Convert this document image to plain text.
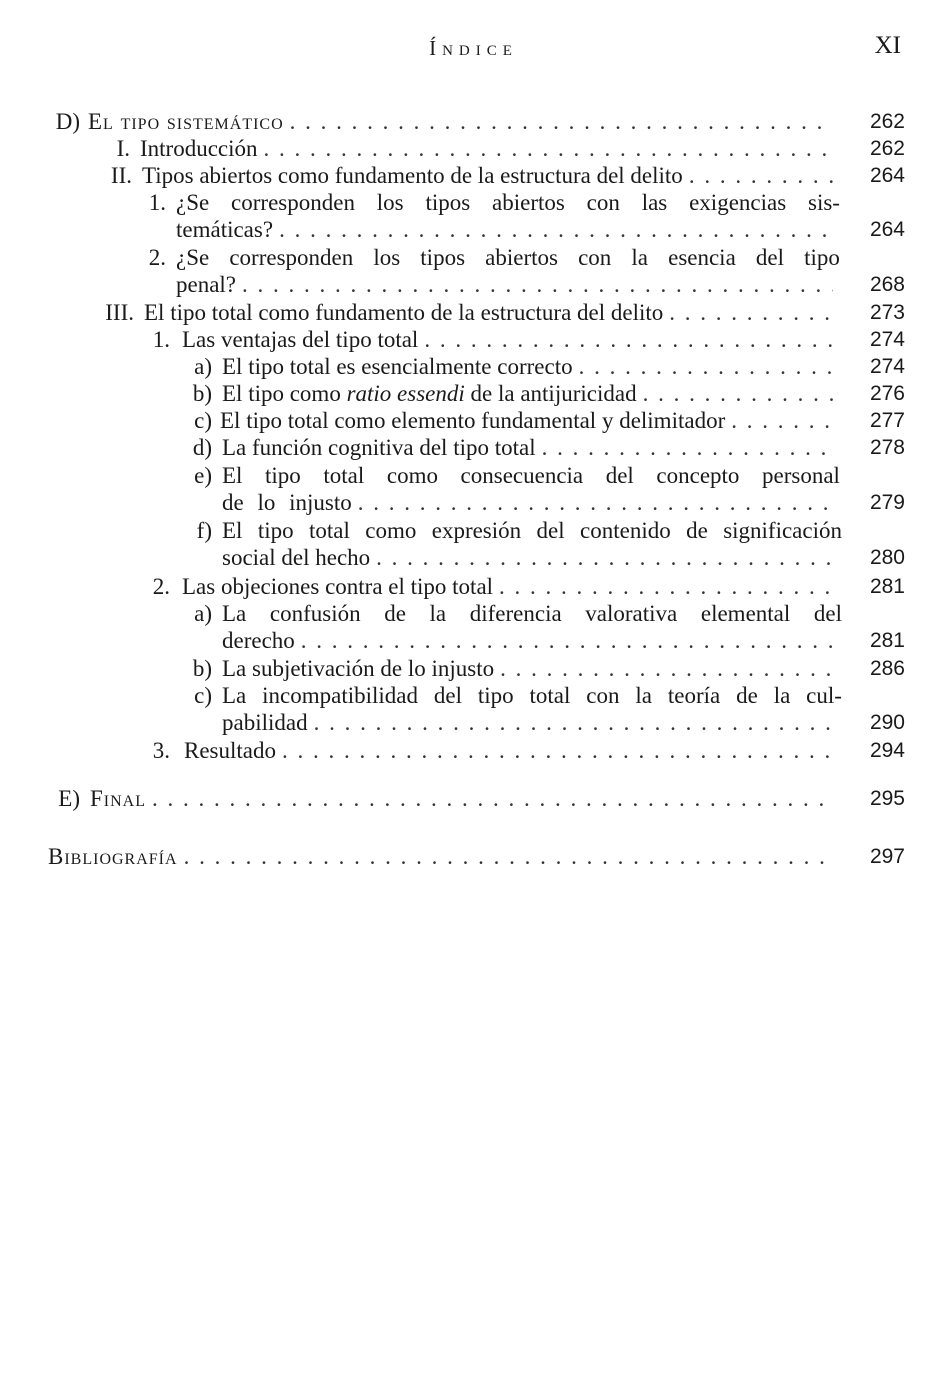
Índice	XI
D) El tipo sistemático . . .	262
I. Introducción . . .	262
II. Tipos abiertos como fundamento de la estructura del delito . . .	264
1. ¿Se corresponden los tipos abiertos con las exigencias sis-
temáticas? . . .	264
2. ¿Se corresponden los tipos abiertos con la esencia del tipo
penal? . . .	268
III. El tipo total como fundamento de la estructura del delito . . .	273
1. Las ventajas del tipo total . . .	274
a) El tipo total es esencialmente correcto . . .	274
b) El tipo como ratio essendi de la antijuricidad . . .	276
c) El tipo total como elemento fundamental y delimitador . . .	277
d) La función cognitiva del tipo total . . .	278
e) El tipo total como consecuencia del concepto personal
de lo injusto . . .	279
f) El tipo total como expresión del contenido de significación
social del hecho . . .	280
2. Las objeciones contra el tipo total . . .	281
a) La confusión de la diferencia valorativa elemental del
derecho . . .	281
b) La subjetivación de lo injusto . . .	286
c) La incompatibilidad del tipo total con la teoría de la cul-
pabilidad . . .	290
3. Resultado . . .	294
E) Final . . .	295
Bibliografía . . .	297
